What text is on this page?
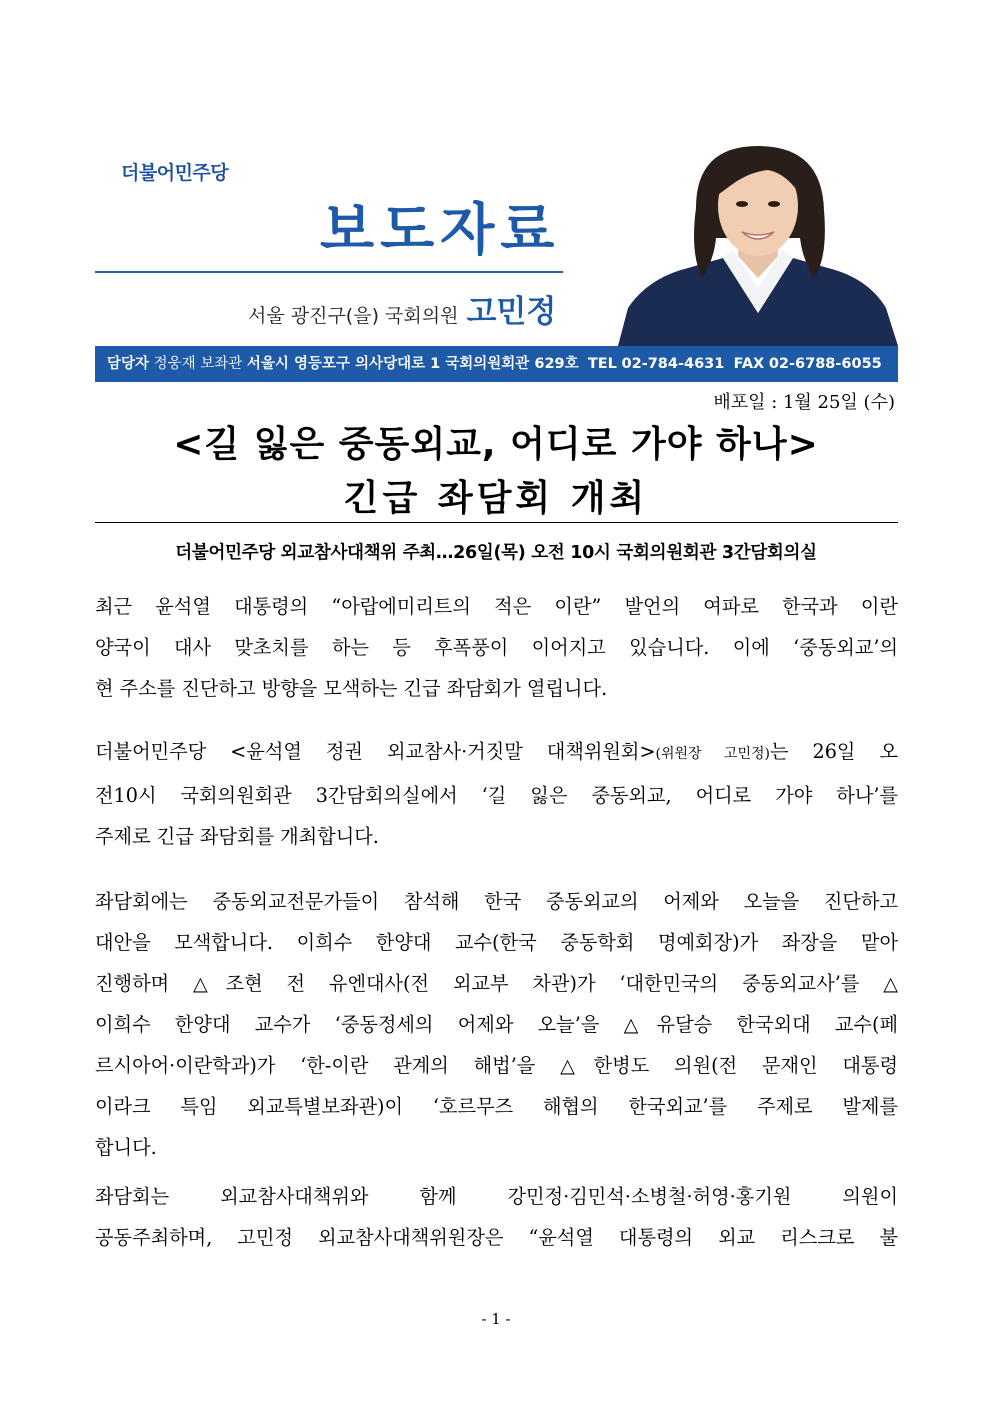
더불어민주당
보도자료
서울 광진구(을) 국회의원 고민정
담당자 정웅재 보좌관 서울시 영등포구 의사당대로 1 국회의원회관 629호 TEL 02-784-4631 FAX 02-6788-6055
배포일 : 1월 25일 (수)
<길 잃은 중동외교, 어디로 가야 하나>
긴급 좌담회 개최
더불어민주당 외교참사대책위 주최…26일(목) 오전 10시 국회의원회관 3간담회의실
최근 윤석열 대통령의 “아랍에미리트의 적은 이란” 발언의 여파로 한국과 이란
양국이 대사 맞초치를 하는 등 후폭풍이 이어지고 있습니다. 이에 ‘중동외교’의
현 주소를 진단하고 방향을 모색하는 긴급 좌담회가 열립니다.
더불어민주당 <윤석열 정권 외교참사·거짓말 대책위원회>(위원장 고민정)는 26일 오
전10시 국회의원회관 3간담회의실에서 ‘길 잃은 중동외교, 어디로 가야 하나’를
주제로 긴급 좌담회를 개최합니다.
좌담회에는 중동외교전문가들이 참석해 한국 중동외교의 어제와 오늘을 진단하고
대안을 모색합니다. 이희수 한양대 교수(한국 중동학회 명예회장)가 좌장을 맡아
진행하며 △조현 전 유엔대사(전 외교부 차관)가 ‘대한민국의 중동외교사’를 △
이희수 한양대 교수가 ‘중동정세의 어제와 오늘’을 △유달승 한국외대 교수(페
르시아어·이란학과)가 ‘한-이란 관계의 해법’을 △한병도 의원(전 문재인 대통령
이라크 특임 외교특별보좌관)이 ‘호르무즈 해협의 한국외교’를 주제로 발제를
합니다.
좌담회는 외교참사대책위와 함께 강민정·김민석·소병철·허영·홍기원 의원이
공동주최하며, 고민정 외교참사대책위원장은 “윤석열 대통령의 외교 리스크로 불
- 1 -
